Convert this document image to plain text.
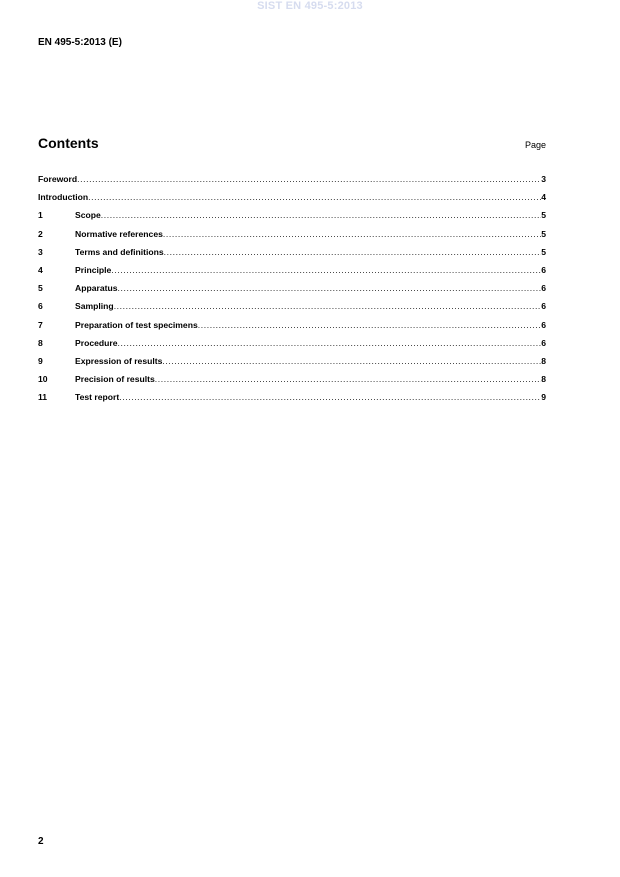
SIST EN 495-5:2013
EN 495-5:2013 (E)
Contents	Page
Foreword .....	3
Introduction .....	4
1	Scope .....	5
2	Normative references .....	5
3	Terms and definitions .....	5
4	Principle .....	6
5	Apparatus .....	6
6	Sampling .....	6
7	Preparation of test specimens .....	6
8	Procedure .....	6
9	Expression of results .....	8
10	Precision of results .....	8
11	Test report .....	9
2
